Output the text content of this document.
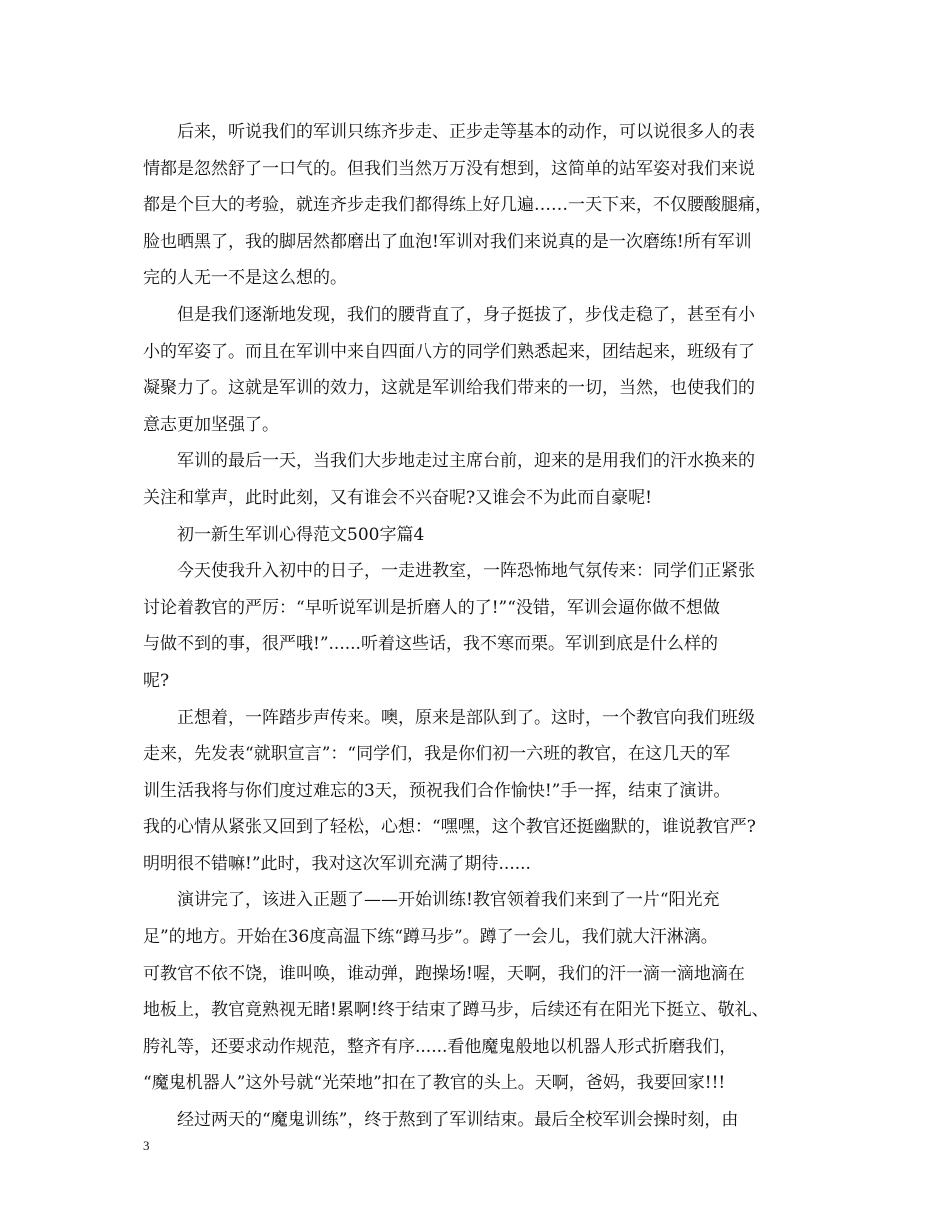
后来，听说我们的军训只练齐步走、正步走等基本的动作，可以说很多人的表
情都是忽然舒了一口气的。但我们当然万万没有想到，这简单的站军姿对我们来说
都是个巨大的考验，就连齐步走我们都得练上好几遍……一天下来，不仅腰酸腿痛，
脸也晒黑了，我的脚居然都磨出了血泡!军训对我们来说真的是一次磨练!所有军训
完的人无一不是这么想的。
但是我们逐渐地发现，我们的腰背直了，身子挺拔了，步伐走稳了，甚至有小
小的军姿了。而且在军训中来自四面八方的同学们熟悉起来，团结起来，班级有了
凝聚力了。这就是军训的效力，这就是军训给我们带来的一切，当然，也使我们的
意志更加坚强了。
军训的最后一天，当我们大步地走过主席台前，迎来的是用我们的汗水换来的
关注和掌声，此时此刻，又有谁会不兴奋呢?又谁会不为此而自豪呢!
初一新生军训心得范文500字篇4
今天使我升入初中的日子，一走进教室，一阵恐怖地气氛传来：同学们正紧张
讨论着教官的严厉：“早听说军训是折磨人的了!”“没错，军训会逼你做不想做
与做不到的事，很严哦!”......听着这些话，我不寒而栗。军训到底是什么样的
呢?
正想着，一阵踏步声传来。噢，原来是部队到了。这时，一个教官向我们班级
走来，先发表“就职宣言”：“同学们，我是你们初一六班的教官，在这几天的军
训生活我将与你们度过难忘的3天，预祝我们合作愉快!”手一挥，结束了演讲。
我的心情从紧张又回到了轻松，心想：“嘿嘿，这个教官还挺幽默的，谁说教官严?
明明很不错嘛!”此时，我对这次军训充满了期待......
演讲完了，该进入正题了——开始训练!教官领着我们来到了一片“阳光充
足”的地方。开始在36度高温下练“蹲马步”。蹲了一会儿，我们就大汗淋漓。
可教官不依不饶，谁叫唤，谁动弹，跑操场!喔，天啊，我们的汗一滴一滴地滴在
地板上，教官竟熟视无睹!累啊!终于结束了蹲马步，后续还有在阳光下挺立、敬礼、
胯礼等，还要求动作规范，整齐有序......看他魔鬼般地以机器人形式折磨我们，
“魔鬼机器人”这外号就“光荣地”扣在了教官的头上。天啊，爸妈，我要回家!!!
经过两天的“魔鬼训练”，终于熬到了军训结束。最后全校军训会操时刻，由
3
